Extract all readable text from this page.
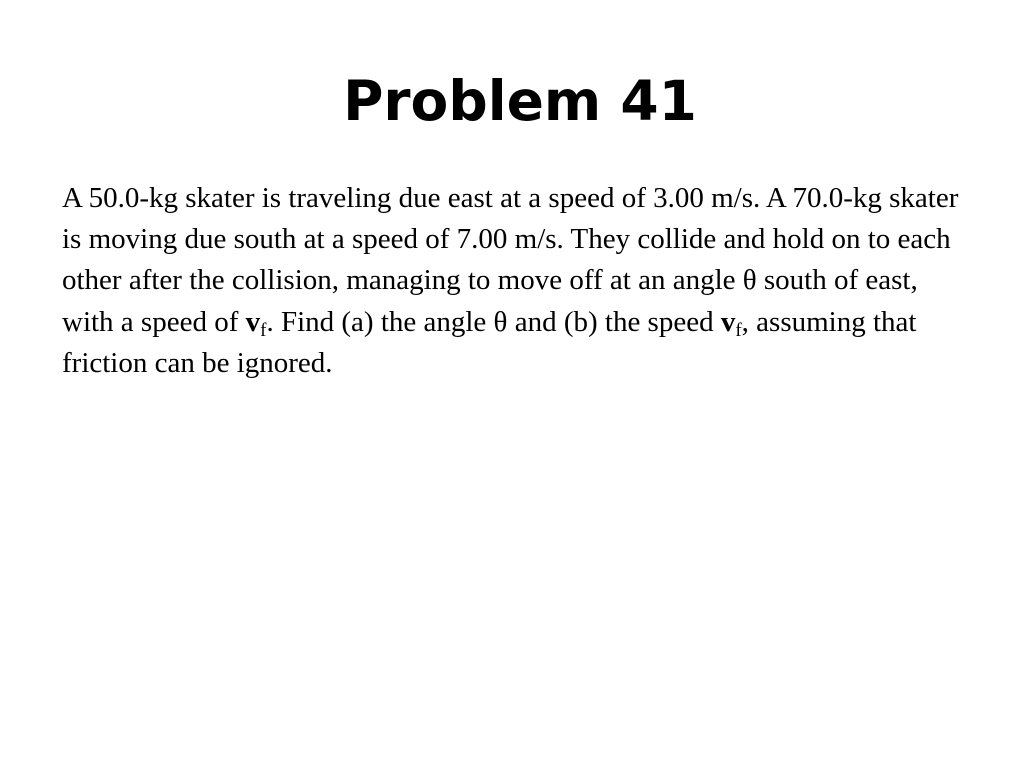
Problem 41

A 50.0-kg skater is traveling due east at a speed of 3.00 m/s. A 70.0-kg skater is moving due south at a speed of 7.00 m/s. They collide and hold on to each other after the collision, managing to move off at an angle θ south of east, with a speed of $v_f$. Find (a) the angle θ and (b) the speed $v_f$, assuming that friction can be ignored.
